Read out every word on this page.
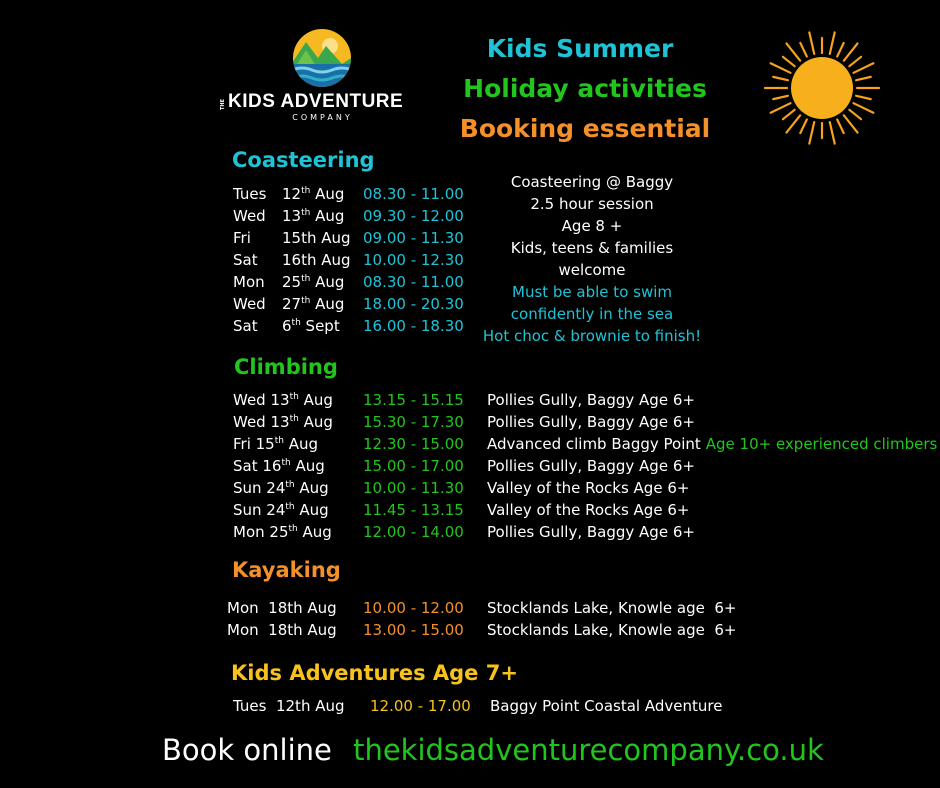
THE KIDS ADVENTURE
COMPANY
Kids Summer
Holiday activities
Booking essential
Coasteering
Tues 12th Aug 08.30 - 11.00
Wed 13th Aug 09.30 - 12.00
Fri 15th Aug 09.00 - 11.30
Sat 16th Aug 10.00 - 12.30
Mon 25th Aug 08.30 - 11.00
Wed 27th Aug 18.00 - 20.30
Sat 6th Sept 16.00 - 18.30
Coasteering @ Baggy
2.5 hour session
Age 8 +
Kids, teens & families
welcome
Must be able to swim
confidently in the sea
Hot choc & brownie to finish!
Climbing
Wed 13th Aug 13.15 - 15.15 Pollies Gully, Baggy Age 6+
Wed 13th Aug 15.30 - 17.30 Pollies Gully, Baggy Age 6+
Fri 15th Aug	12.30 - 15.00 Advanced climb Baggy Point Age 10+ experienced climbers
Sat 16th Aug	15.00 - 17.00 Pollies Gully, Baggy Age 6+
Sun 24th Aug 10.00 - 11.30 Valley of the Rocks Age 6+
Sun 24th Aug 11.45 - 13.15 Valley of the Rocks Age 6+
Mon 25th Aug 12.00 - 14.00 Pollies Gully, Baggy Age 6+
Kayaking
Mon  18th Aug 10.00 - 12.00 Stocklands Lake, Knowle age  6+
Mon  18th Aug 13.00 - 15.00 Stocklands Lake, Knowle age  6+
Kids Adventures Age 7+
Tues  12th Aug 12.00 - 17.00 Baggy Point Coastal Adventure
Book online thekidsadventurecompany.co.uk
